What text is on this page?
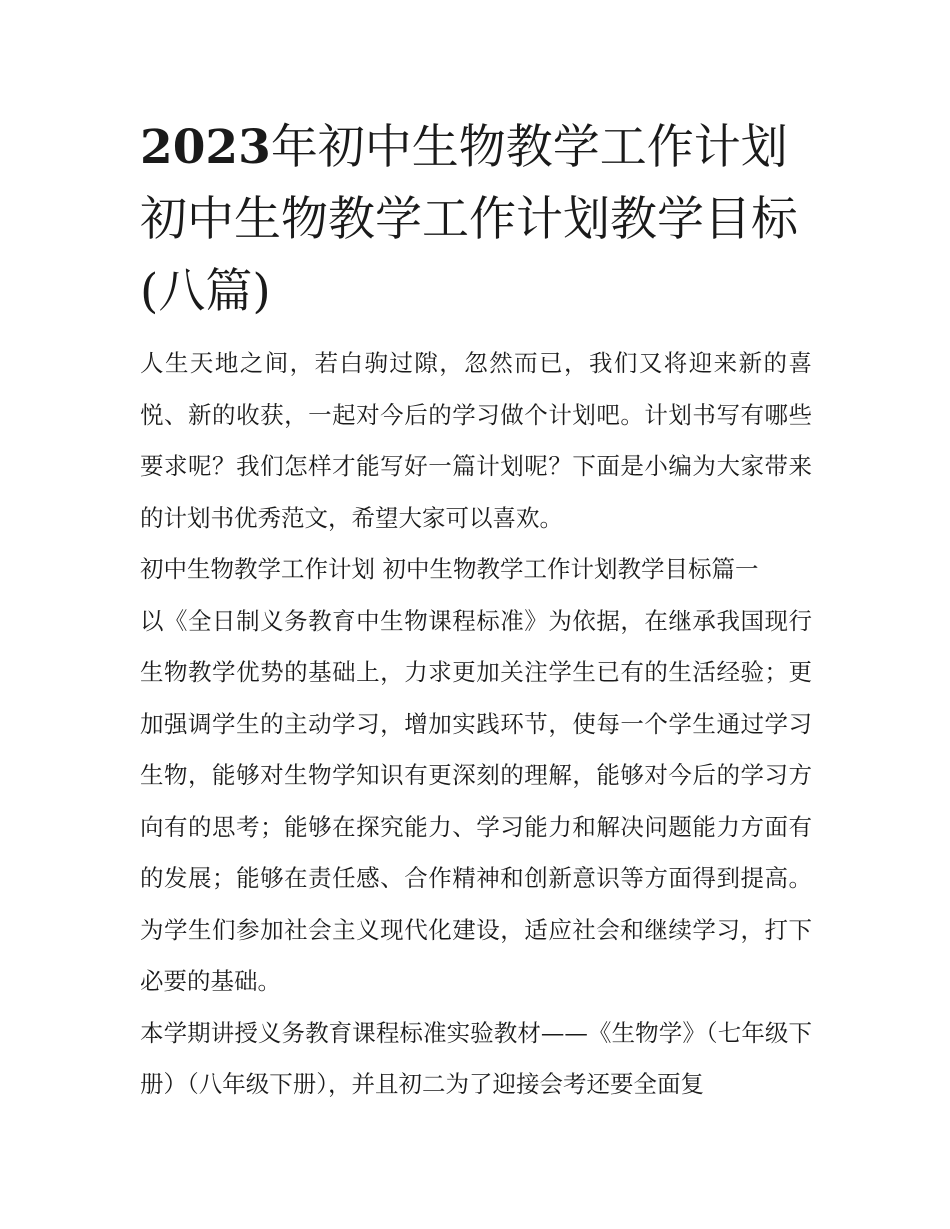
2023年初中生物教学工作计划 初中生物教学工作计划教学目标(八篇)

人生天地之间，若白驹过隙，忽然而已，我们又将迎来新的喜悦、新的收获，一起对今后的学习做个计划吧。计划书写有哪些要求呢？我们怎样才能写好一篇计划呢？下面是小编为大家带来的计划书优秀范文，希望大家可以喜欢。

初中生物教学工作计划 初中生物教学工作计划教学目标篇一

以《全日制义务教育中生物课程标准》为依据，在继承我国现行生物教学优势的基础上，力求更加关注学生已有的生活经验；更加强调学生的主动学习，增加实践环节，使每一个学生通过学习生物，能够对生物学知识有更深刻的理解，能够对今后的学习方向有的思考；能够在探究能力、学习能力和解决问题能力方面有的发展；能够在责任感、合作精神和创新意识等方面得到提高。为学生们参加社会主义现代化建设，适应社会和继续学习，打下必要的基础。

本学期讲授义务教育课程标准实验教材——《生物学》（七年级下册）（八年级下册），并且初二为了迎接会考还要全面复
